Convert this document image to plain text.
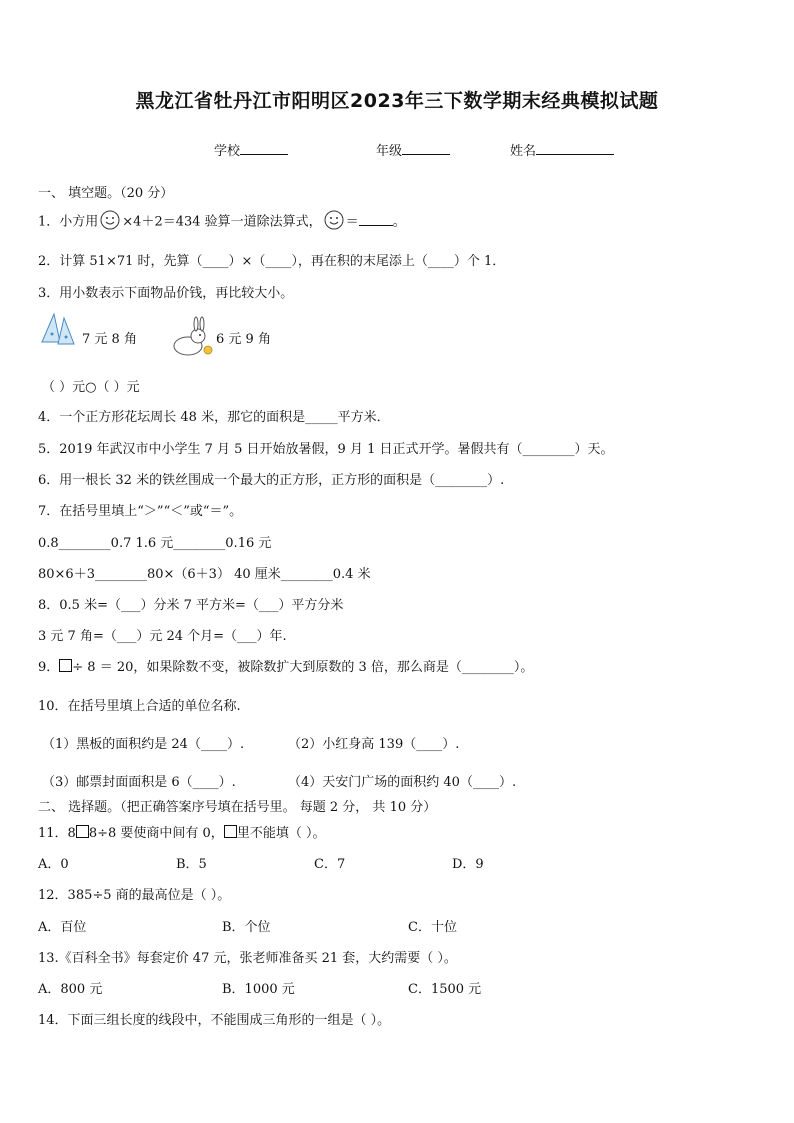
黑龙江省牡丹江市阳明区2023年三下数学期末经典模拟试题
学校	年级	姓名
一、 填空题。（20 分）
1．小方用 ×4＋2＝434 验算一道除法算式， ＝	。
2．计算 51×71 时，先算（____）×（____），再在积的末尾添上（____）个 1．
3．用小数表示下面物品价钱，再比较大小。
7 元 8 角	6 元 9 角
（ ）元○（ ）元
4．一个正方形花坛周长 48 米，那它的面积是_____平方米．
5．2019 年武汉市中小学生 7 月 5 日开始放暑假，9 月 1 日正式开学。暑假共有（________）天。
6．用一根长 32 米的铁丝围成一个最大的正方形，正方形的面积是（________）.
7．在括号里填上“＞”“＜”或“＝”。
0.8________0.7 1.6 元________0.16 元
80×6＋3________80×（6＋3） 40 厘米________0.4 米
8．0.5 米=（___）分米 7 平方米=（___）平方分米
3 元 7 角=（___）元 24 个月=（___）年.
9． ÷ 8 ＝ 20，如果除数不变，被除数扩大到原数的 3 倍，那么商是（________）。
10．在括号里填上合适的单位名称.
（1）黑板的面积约是 24（____）.	（2）小红身高 139（____）.
（3）邮票封面面积是 6（____）.	（4）天安门广场的面积约 40（____）.
二、 选择题。（把正确答案序号填在括号里。 每题 2 分， 共 10 分）
11．8 8÷8 要使商中间有 0， 里不能填（ ）。
A．0	B．5	C．7	D．9
12．385÷5 商的最高位是（ ）。
A．百位	B．个位	C．十位
13.《百科全书》每套定价 47 元，张老师准备买 21 套，大约需要（ ）。
A．800 元	B．1000 元	C．1500 元
14．下面三组长度的线段中，不能围成三角形的一组是（ ）。
